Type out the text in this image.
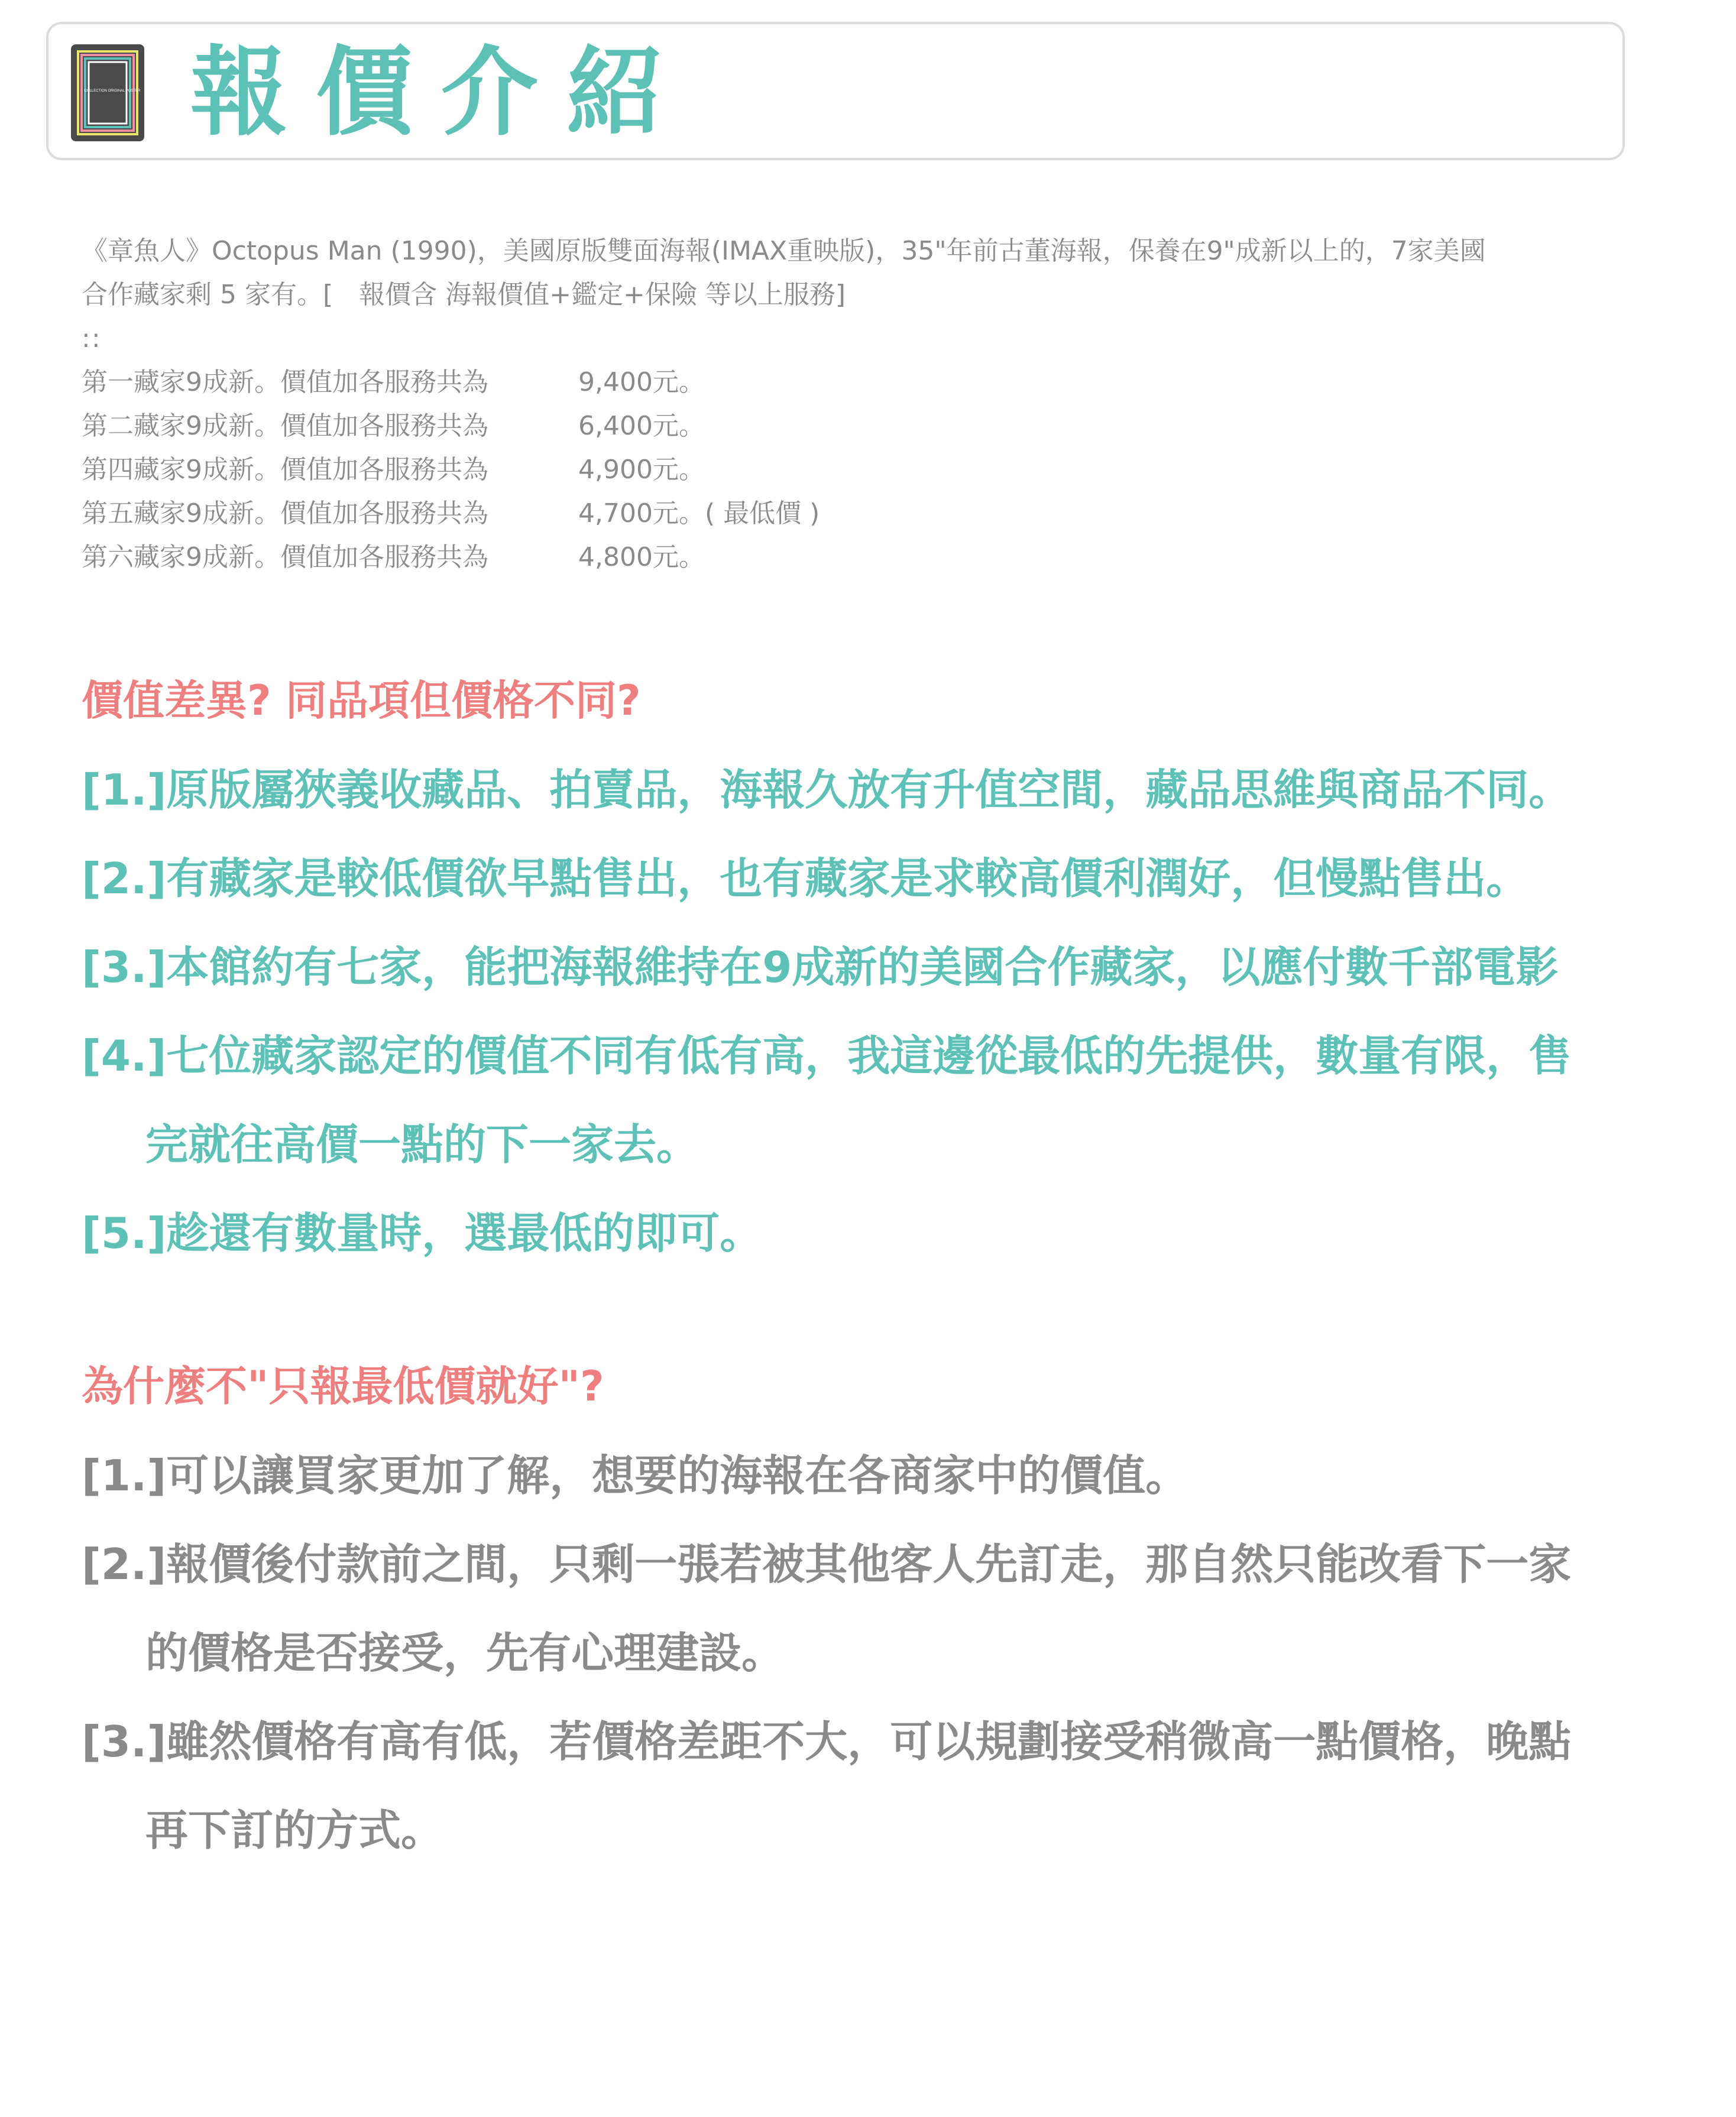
COLLECTION ORIGINAL POSTER 報價介紹

《章魚人》Octopus Man (1990)，美國原版雙面海報(IMAX重映版)，35"年前古董海報，保養在9"成新以上的，7家美國

合作藏家剩 5 家有。[　報價含 海報價值+鑑定+保險 等以上服務]

::

第一藏家9成新。價值加各服務共為	9,400元。
第二藏家9成新。價值加各服務共為	6,400元。
第四藏家9成新。價值加各服務共為	4,900元。
第五藏家9成新。價值加各服務共為	4,700元。( 最低價 )
第六藏家9成新。價值加各服務共為	4,800元。

價值差異? 同品項但價格不同?

[1.]原版屬狹義收藏品、拍賣品，海報久放有升值空間，藏品思維與商品不同。

[2.]有藏家是較低價欲早點售出，也有藏家是求較高價利潤好，但慢點售出。

[3.]本館約有七家，能把海報維持在9成新的美國合作藏家，以應付數千部電影

[4.]七位藏家認定的價值不同有低有高，我這邊從最低的先提供，數量有限，售

完就往高價一點的下一家去。

[5.]趁還有數量時，選最低的即可。

為什麼不"只報最低價就好"?

[1.]可以讓買家更加了解，想要的海報在各商家中的價值。

[2.]報價後付款前之間，只剩一張若被其他客人先訂走，那自然只能改看下一家

的價格是否接受，先有心理建設。

[3.]雖然價格有高有低，若價格差距不大，可以規劃接受稍微高一點價格，晚點

再下訂的方式。
